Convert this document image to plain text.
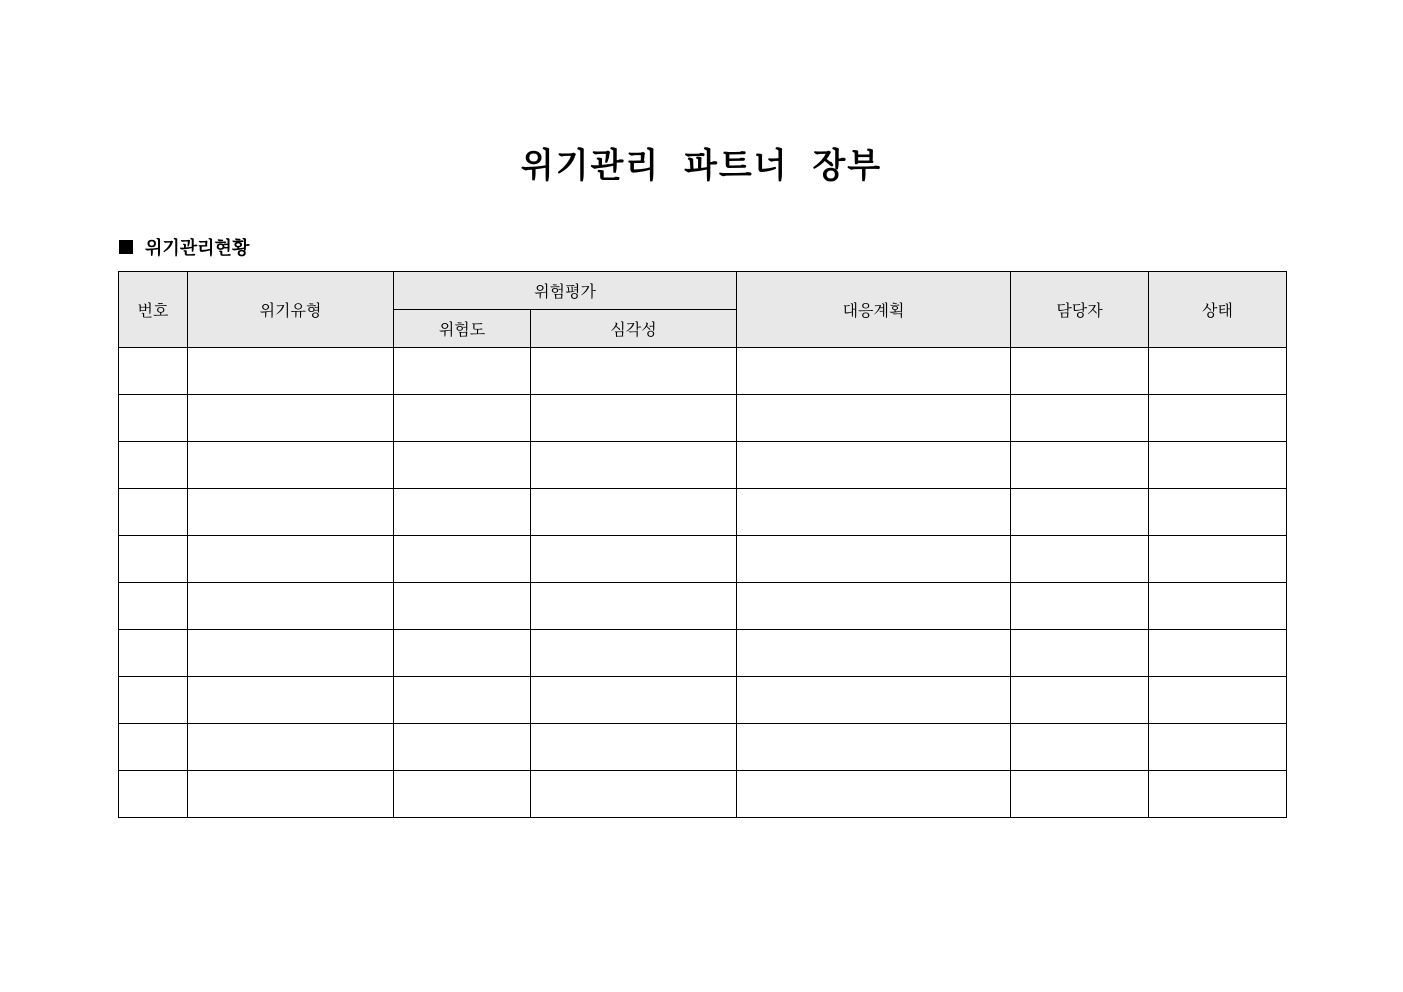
위기관리 파트너 장부
위기관리현황
번호	위기유형	위험평가		대응계획	담당자	상태
		위험도	심각성			
